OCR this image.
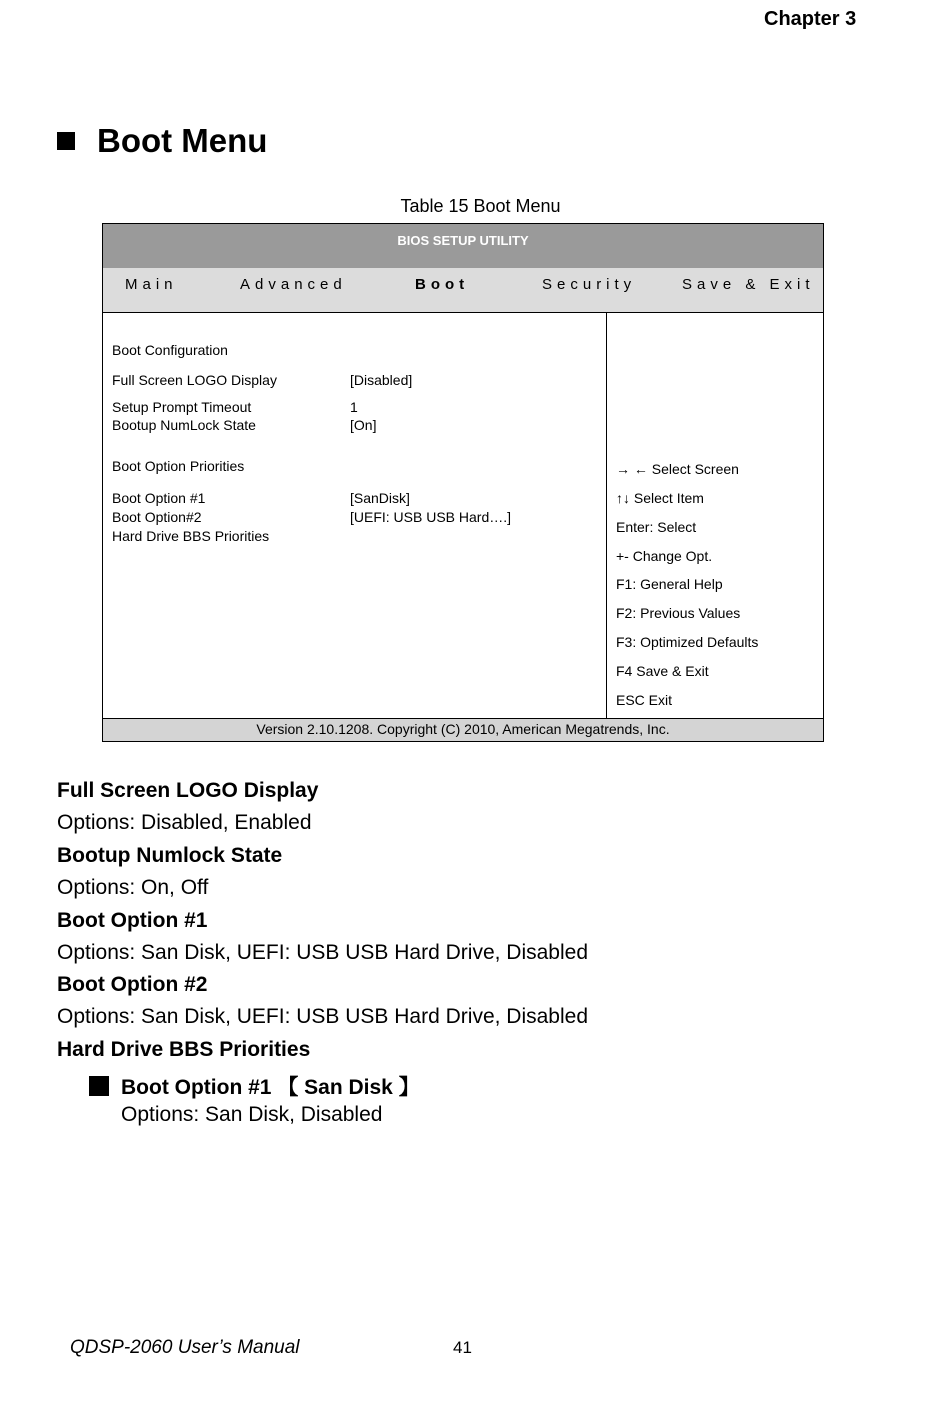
Chapter 3
Boot Menu
Table 15 Boot Menu
BIOS SETUP UTILITY
Main	Advanced	Boot	Security	Save & Exit
Boot Configuration
Full Screen LOGO Display	[Disabled]
Setup Prompt Timeout	1
Bootup NumLock State	[On]
Boot Option Priorities
Boot Option #1	[SanDisk]
Boot Option#2	[UEFI: USB USB Hard….]
Hard Drive BBS Priorities
→ ← Select Screen
↑↓ Select Item
Enter: Select
+- Change Opt.
F1: General Help
F2: Previous Values
F3: Optimized Defaults
F4 Save & Exit
ESC Exit
Version 2.10.1208. Copyright (C) 2010, American Megatrends, Inc.
Full Screen LOGO Display
Options: Disabled, Enabled
Bootup Numlock State
Options: On, Off
Boot Option #1
Options: San Disk, UEFI: USB USB Hard Drive, Disabled
Boot Option #2
Options: San Disk, UEFI: USB USB Hard Drive, Disabled
Hard Drive BBS Priorities
Boot Option #1 【 San Disk 】
Options: San Disk, Disabled
QDSP-2060 User’s Manual	41
